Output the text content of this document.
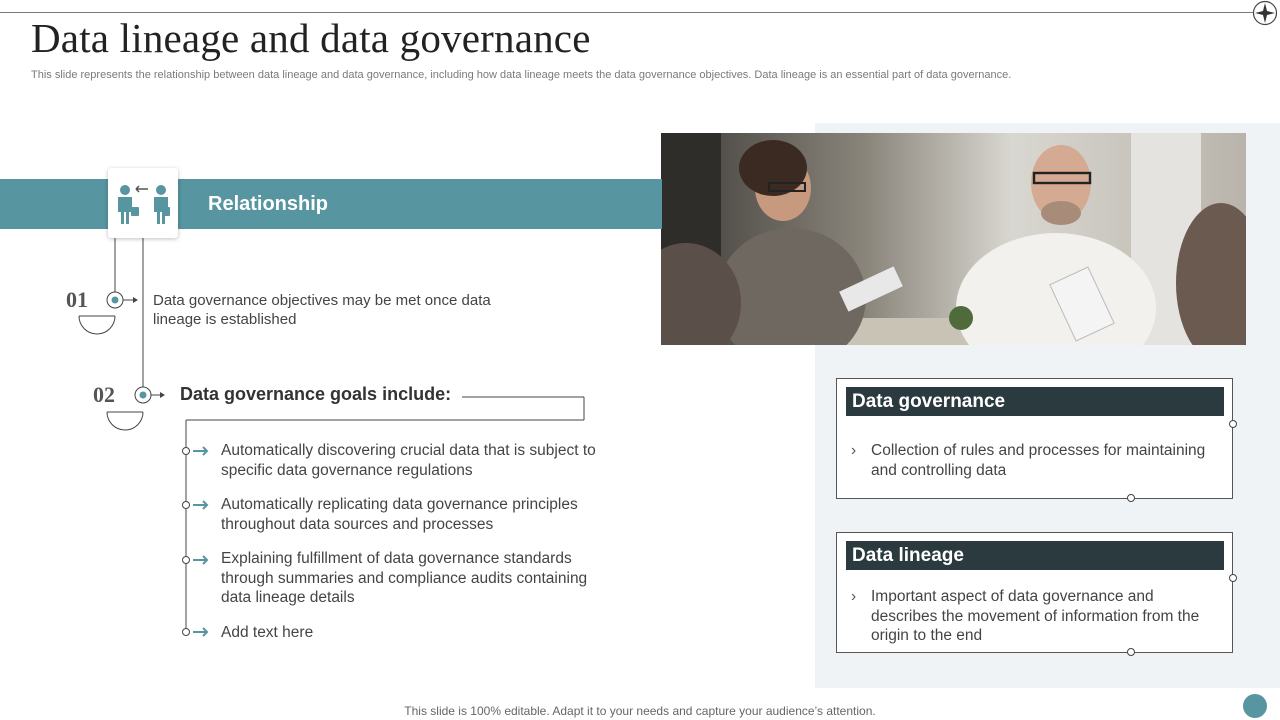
Data lineage and data governance
This slide represents the relationship between data lineage and data governance, including how data lineage meets the data governance objectives. Data lineage is an essential part of data governance.
Relationship
01	Data governance objectives may be met once data lineage is established
02	Data governance goals include:
Automatically discovering crucial data that is subject to specific data governance regulations
Automatically replicating data governance principles throughout data sources and processes
Explaining fulfillment of data governance standards through summaries and compliance audits containing data lineage details
Add text here
Data governance
› Collection of rules and processes for maintaining and controlling data
Data lineage
› Important aspect of data governance and describes the movement of information from the origin to the end
This slide is 100% editable. Adapt it to your needs and capture your audience’s attention.
